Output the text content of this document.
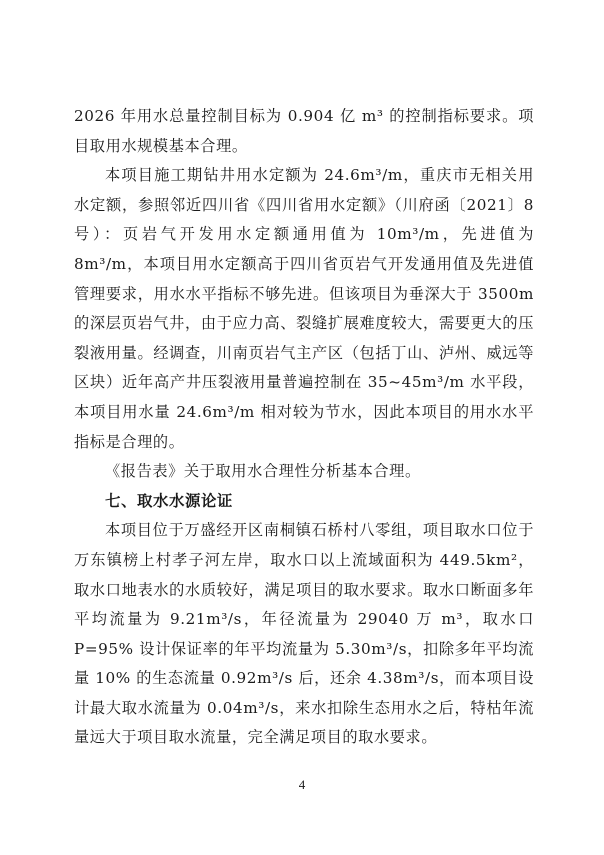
2026 年用水总量控制目标为 0.904 亿 m³ 的控制指标要求。项目取用水规模基本合理。

本项目施工期钻井用水定额为 24.6m³/m，重庆市无相关用水定额，参照邻近四川省《四川省用水定额》（川府函〔2021〕8 号）：页岩气开发用水定额通用值为 10m³/m，先进值为 8m³/m，本项目用水定额高于四川省页岩气开发通用值及先进值管理要求，用水水平指标不够先进。但该项目为垂深大于 3500m 的深层页岩气井，由于应力高、裂缝扩展难度较大，需要更大的压裂液用量。经调查，川南页岩气主产区（包括丁山、泸州、威远等区块）近年高产井压裂液用量普遍控制在 35~45m³/m 水平段，本项目用水量 24.6m³/m 相对较为节水，因此本项目的用水水平指标是合理的。

《报告表》关于取用水合理性分析基本合理。

七、取水水源论证

本项目位于万盛经开区南桐镇石桥村八零组，项目取水口位于万东镇榜上村孝子河左岸，取水口以上流域面积为 449.5km²，取水口地表水的水质较好，满足项目的取水要求。取水口断面多年平均流量为 9.21m³/s，年径流量为 29040 万 m³，取水口 P=95% 设计保证率的年平均流量为 5.30m³/s，扣除多年平均流量 10% 的生态流量 0.92m³/s 后，还余 4.38m³/s，而本项目设计最大取水流量为 0.04m³/s，来水扣除生态用水之后，特枯年流量远大于项目取水流量，完全满足项目的取水要求。

4
